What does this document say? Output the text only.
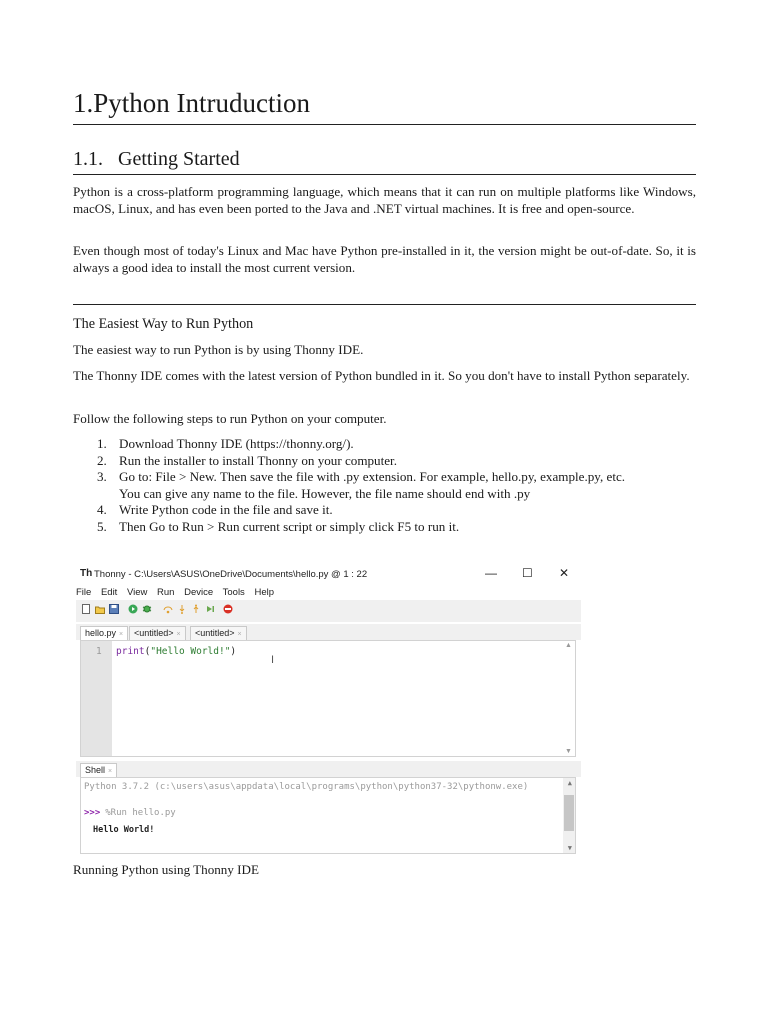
1.Python Intruduction
1.1. Getting Started

Python is a cross-platform programming language, which means that it can run on multiple platforms like Windows, macOS, Linux, and has even been ported to the Java and .NET virtual machines. It is free and open-source.

Even though most of today's Linux and Mac have Python pre-installed in it, the version might be out-of-date. So, it is always a good idea to install the most current version.

The Easiest Way to Run Python

The easiest way to run Python is by using Thonny IDE.

The Thonny IDE comes with the latest version of Python bundled in it. So you don't have to install Python separately.

Follow the following steps to run Python on your computer.

1. Download Thonny IDE (https://thonny.org/).
2. Run the installer to install Thonny on your computer.
3. Go to: File > New. Then save the file with .py extension. For example, hello.py, example.py, etc.
You can give any name to the file. However, the file name should end with .py
4. Write Python code in the file and save it.
5. Then Go to Run > Run current script or simply click F5 to run it.
Running Python using Thonny IDE
Th Thonny - C:\Users\ASUS\OneDrive\Documents\hello.py @ 1 : 22	— ☐ ✕
File Edit View Run Device Tools Help
hello.py ×	<untitled> ×	<untitled> ×
1 print("Hello World!")
I
▲
▼
Shell ×
Python 3.7.2 (c:\users\asus\appdata\local\programs\python\python37-32\pythonw.exe)
>>> %Run hello.py
Hello World!
▲
▼
